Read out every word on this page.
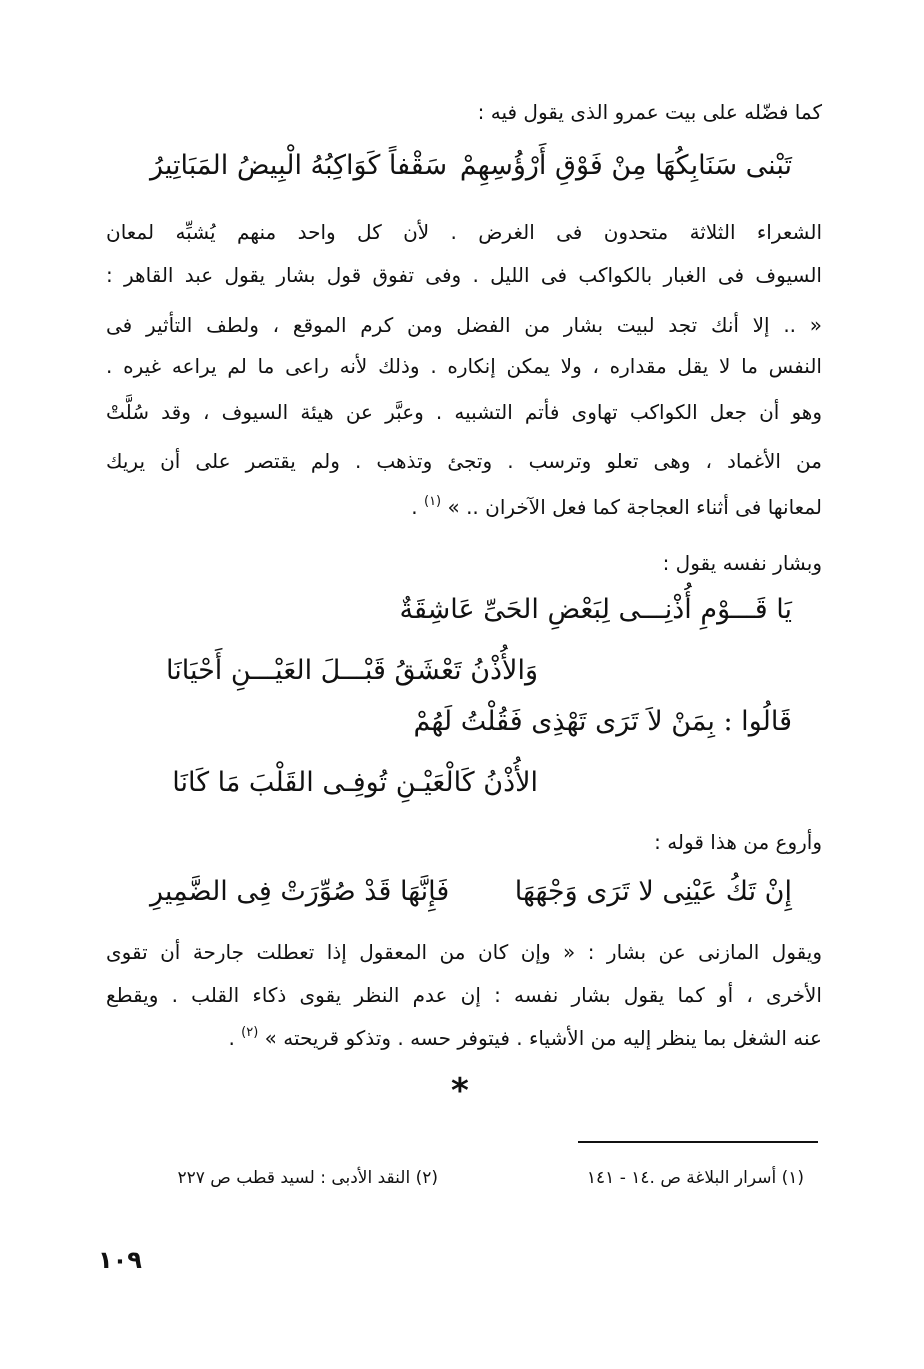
كما فضّله على بيت عمرو الذى يقول فيه :
تَبْنى سَنَابِكُهَا مِنْ فَوْقِ أَرْؤُسِهِمْ
سَقْفاً كَوَاكِبُهُ الْبِيضُ المَبَاتِيرُ
الشعراء الثلاثة متحدون فى الغرض . لأن كل واحد منهم يُشبِّه لمعان
السيوف فى الغبار بالكواكب فى الليل . وفى تفوق قول بشار يقول عبد القاهر :
« .. إلا أنك تجد لبيت بشار من الفضل ومن كرم الموقع ، ولطف التأثير فى
النفس ما لا يقل مقداره ، ولا يمكن إنكاره . وذلك لأنه راعى ما لم يراعه غيره .
وهو أن جعل الكواكب تهاوى فأتم التشبيه . وعبَّر عن هيئة السيوف ، وقد سُلَّتْ
من الأغماد ، وهى تعلو وترسب . وتجئ وتذهب . ولم يقتصر على أن يريك
لمعانها فى أثناء العجاجة كما فعل الآخران .. » $^{(١)}$ .
وبشار نفسه يقول :
يَا قَـــوْمِ أُذْنِـــى لِبَعْضِ الحَىِّ عَاشِقَةٌ
وَالأُذْنُ تَعْشَقُ قَبْـــلَ العَيْـــنِ أَحْيَانَا
قَالُوا : بِمَنْ لاَ تَرَى تَهْذِى فَقُلْتُ لَهُمْ
الأُذْنُ كَالْعَيْـنِ تُوفِـى القَلْبَ مَا كَانَا
وأروع من هذا قوله :
إِنْ تَكُ عَيْنِى لا تَرَى وَجْهَهَا
فَإِنَّهَا قَدْ صُوِّرَتْ فِى الضَّمِيرِ
ويقول المازنى عن بشار : « وإن كان من المعقول إذا تعطلت جارحة أن تقوى
الأخرى ، أو كما يقول بشار نفسه : إن عدم النظر يقوى ذكاء القلب . ويقطع
عنه الشغل بما ينظر إليه من الأشياء . فيتوفر حسه . وتذكو قريحته » $^{(٢)}$ .
*
(١) أسرار البلاغة ص .١٤ - ١٤١
(٢) النقد الأدبى : لسيد قطب ص ٢٢٧
١٠٩
